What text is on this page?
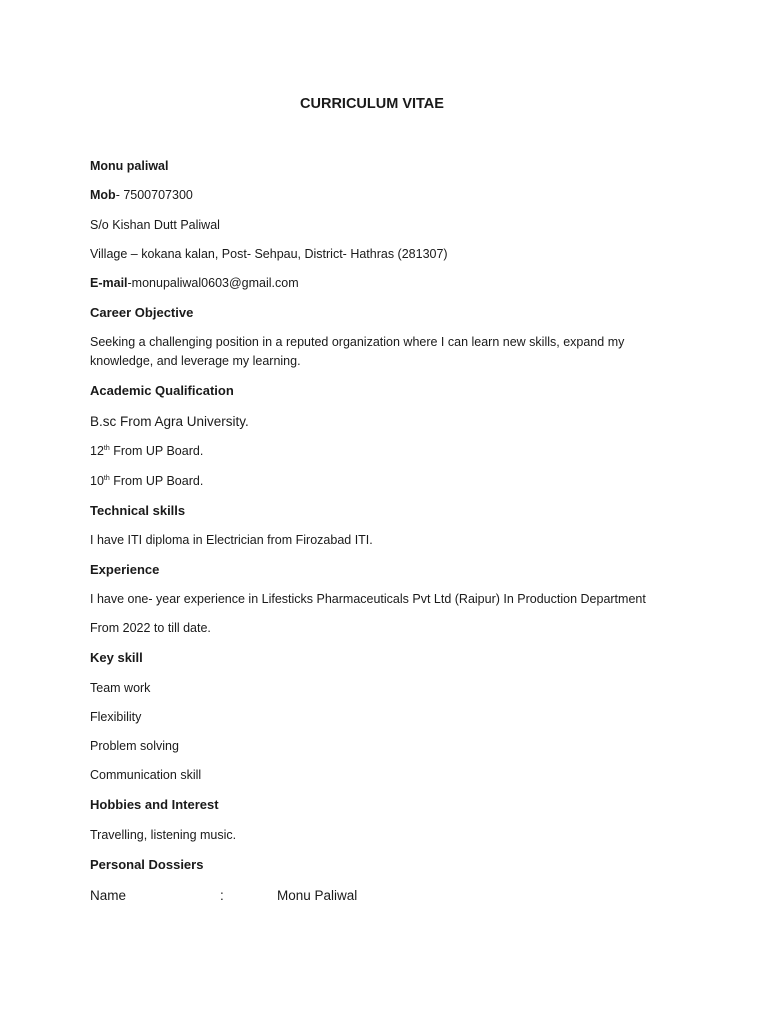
CURRICULUM VITAE
Monu paliwal
Mob- 7500707300
S/o Kishan Dutt Paliwal
Village – kokana kalan, Post- Sehpau, District- Hathras (281307)
E-mail-monupaliwal0603@gmail.com
Career Objective
Seeking a challenging position in a reputed organization where I can learn new skills, expand my knowledge, and leverage my learning.
Academic Qualification
B.sc From Agra University.
12th From UP Board.
10th From UP Board.
Technical skills
I have ITI diploma in Electrician from Firozabad ITI.
Experience
I have one- year experience in Lifesticks Pharmaceuticals Pvt Ltd (Raipur) In Production Department
From 2022 to till date.
Key skill
Team work
Flexibility
Problem solving
Communication skill
Hobbies and Interest
Travelling, listening music.
Personal Dossiers
Name	:	Monu Paliwal
